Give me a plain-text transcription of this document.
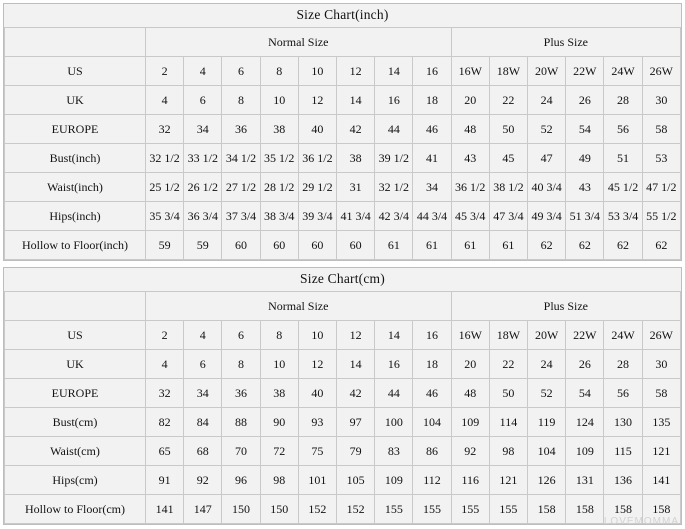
Size Chart(inch)
	Normal Size								Plus Size					
US	2	4	6	8	10	12	14	16	16W	18W	20W	22W	24W	26W
UK	4	6	8	10	12	14	16	18	20	22	24	26	28	30
EUROPE	32	34	36	38	40	42	44	46	48	50	52	54	56	58
Bust(inch)	32 1/2	33 1/2	34 1/2	35 1/2	36 1/2	38	39 1/2	41	43	45	47	49	51	53
Waist(inch)	25 1/2	26 1/2	27 1/2	28 1/2	29 1/2	31	32 1/2	34	36 1/2	38 1/2	40 3/4	43	45 1/2	47 1/2
Hips(inch)	35 3/4	36 3/4	37 3/4	38 3/4	39 3/4	41 3/4	42 3/4	44 3/4	45 3/4	47 3/4	49 3/4	51 3/4	53 3/4	55 1/2
Hollow to Floor(inch)	59	59	60	60	60	60	61	61	61	61	62	62	62	62
Size Chart(cm)
	Normal Size								Plus Size					
US	2	4	6	8	10	12	14	16	16W	18W	20W	22W	24W	26W
UK	4	6	8	10	12	14	16	18	20	22	24	26	28	30
EUROPE	32	34	36	38	40	42	44	46	48	50	52	54	56	58
Bust(cm)	82	84	88	90	93	97	100	104	109	114	119	124	130	135
Waist(cm)	65	68	70	72	75	79	83	86	92	98	104	109	115	121
Hips(cm)	91	92	96	98	101	105	109	112	116	121	126	131	136	141
Hollow to Floor(cm)	141	147	150	150	152	152	155	155	155	155	158	158	158	158
LOVEMOMMA
